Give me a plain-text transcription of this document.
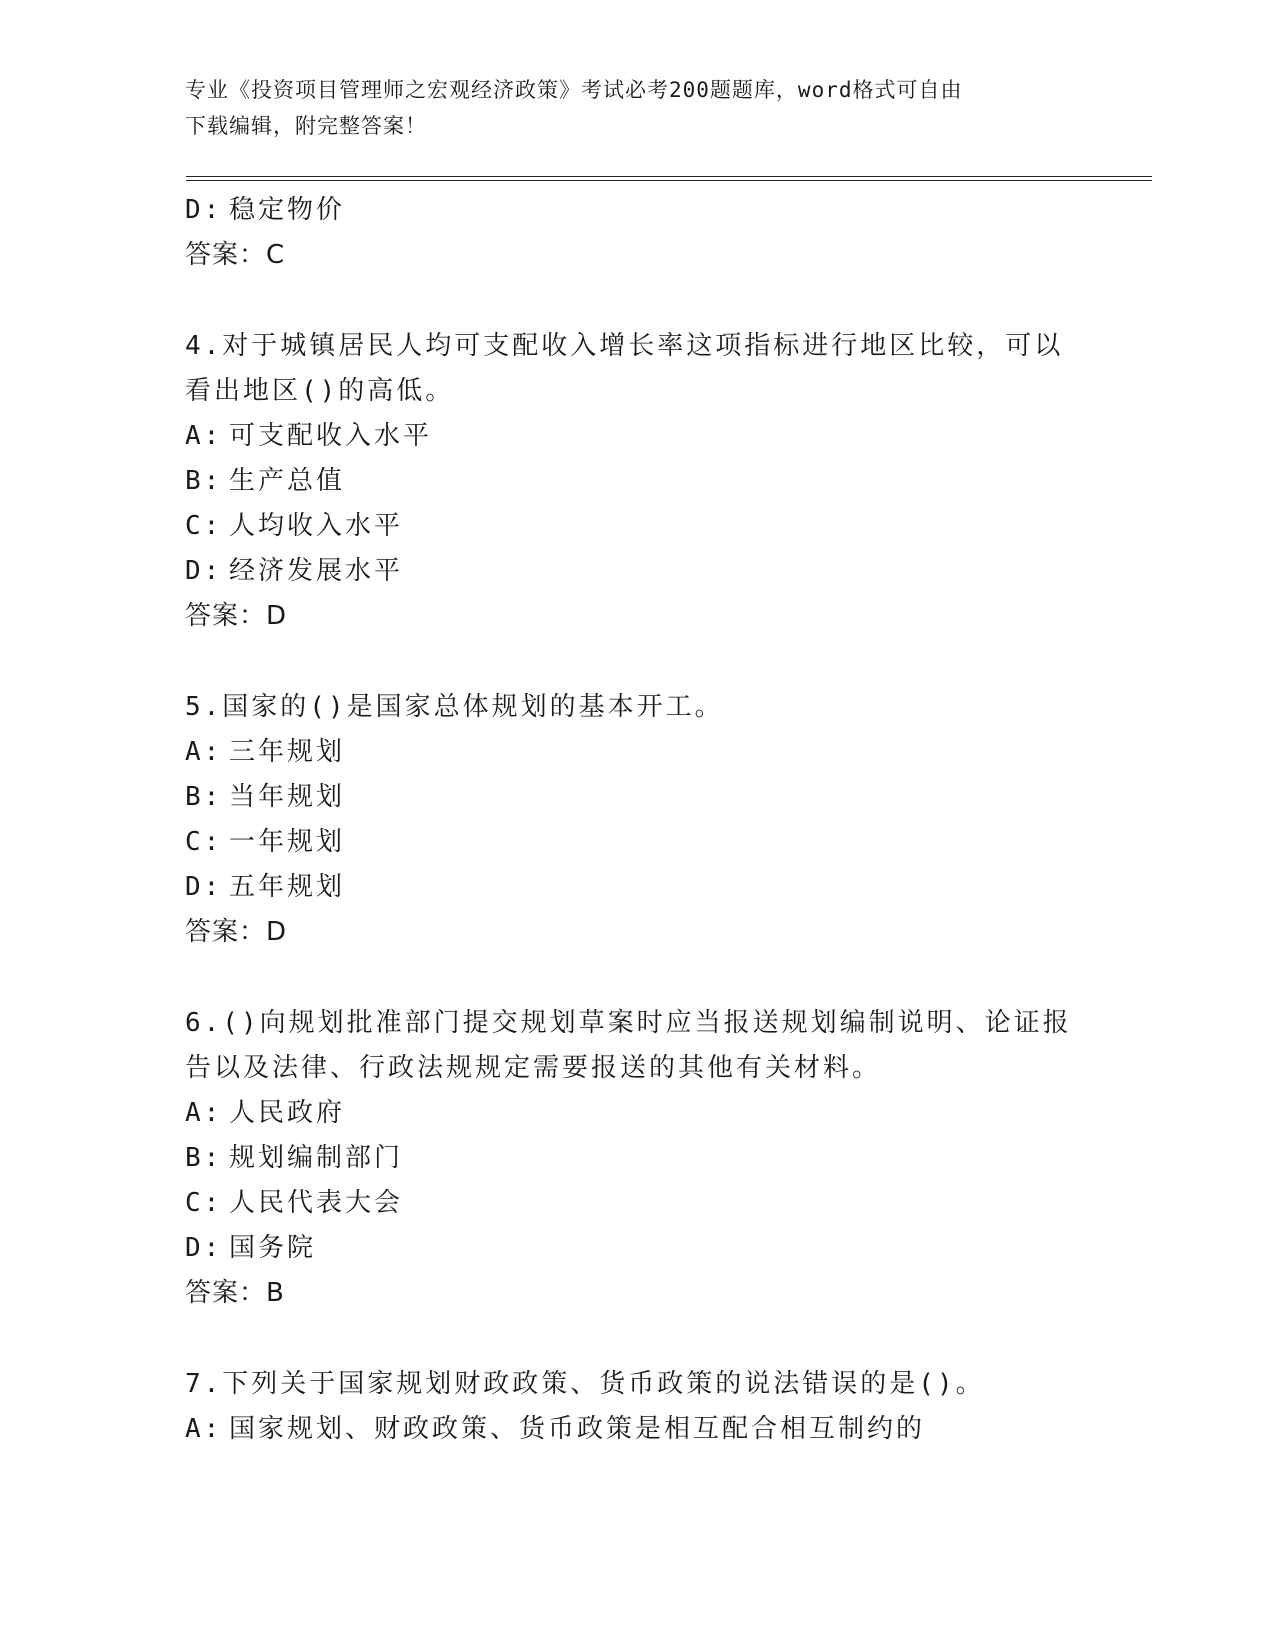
专业《投资项目管理师之宏观经济政策》考试必考200题题库，word格式可自由
下载编辑，附完整答案！
D: 稳定物价
答案：C
4.对于城镇居民人均可支配收入增长率这项指标进行地区比较，可以
看出地区()的高低。
A: 可支配收入水平
B: 生产总值
C: 人均收入水平
D: 经济发展水平
答案：D
5.国家的()是国家总体规划的基本开工。
A: 三年规划
B: 当年规划
C: 一年规划
D: 五年规划
答案：D
6.()向规划批准部门提交规划草案时应当报送规划编制说明、论证报
告以及法律、行政法规规定需要报送的其他有关材料。
A: 人民政府
B: 规划编制部门
C: 人民代表大会
D: 国务院
答案：B
7.下列关于国家规划财政政策、货币政策的说法错误的是()。
A: 国家规划、财政政策、货币政策是相互配合相互制约的
